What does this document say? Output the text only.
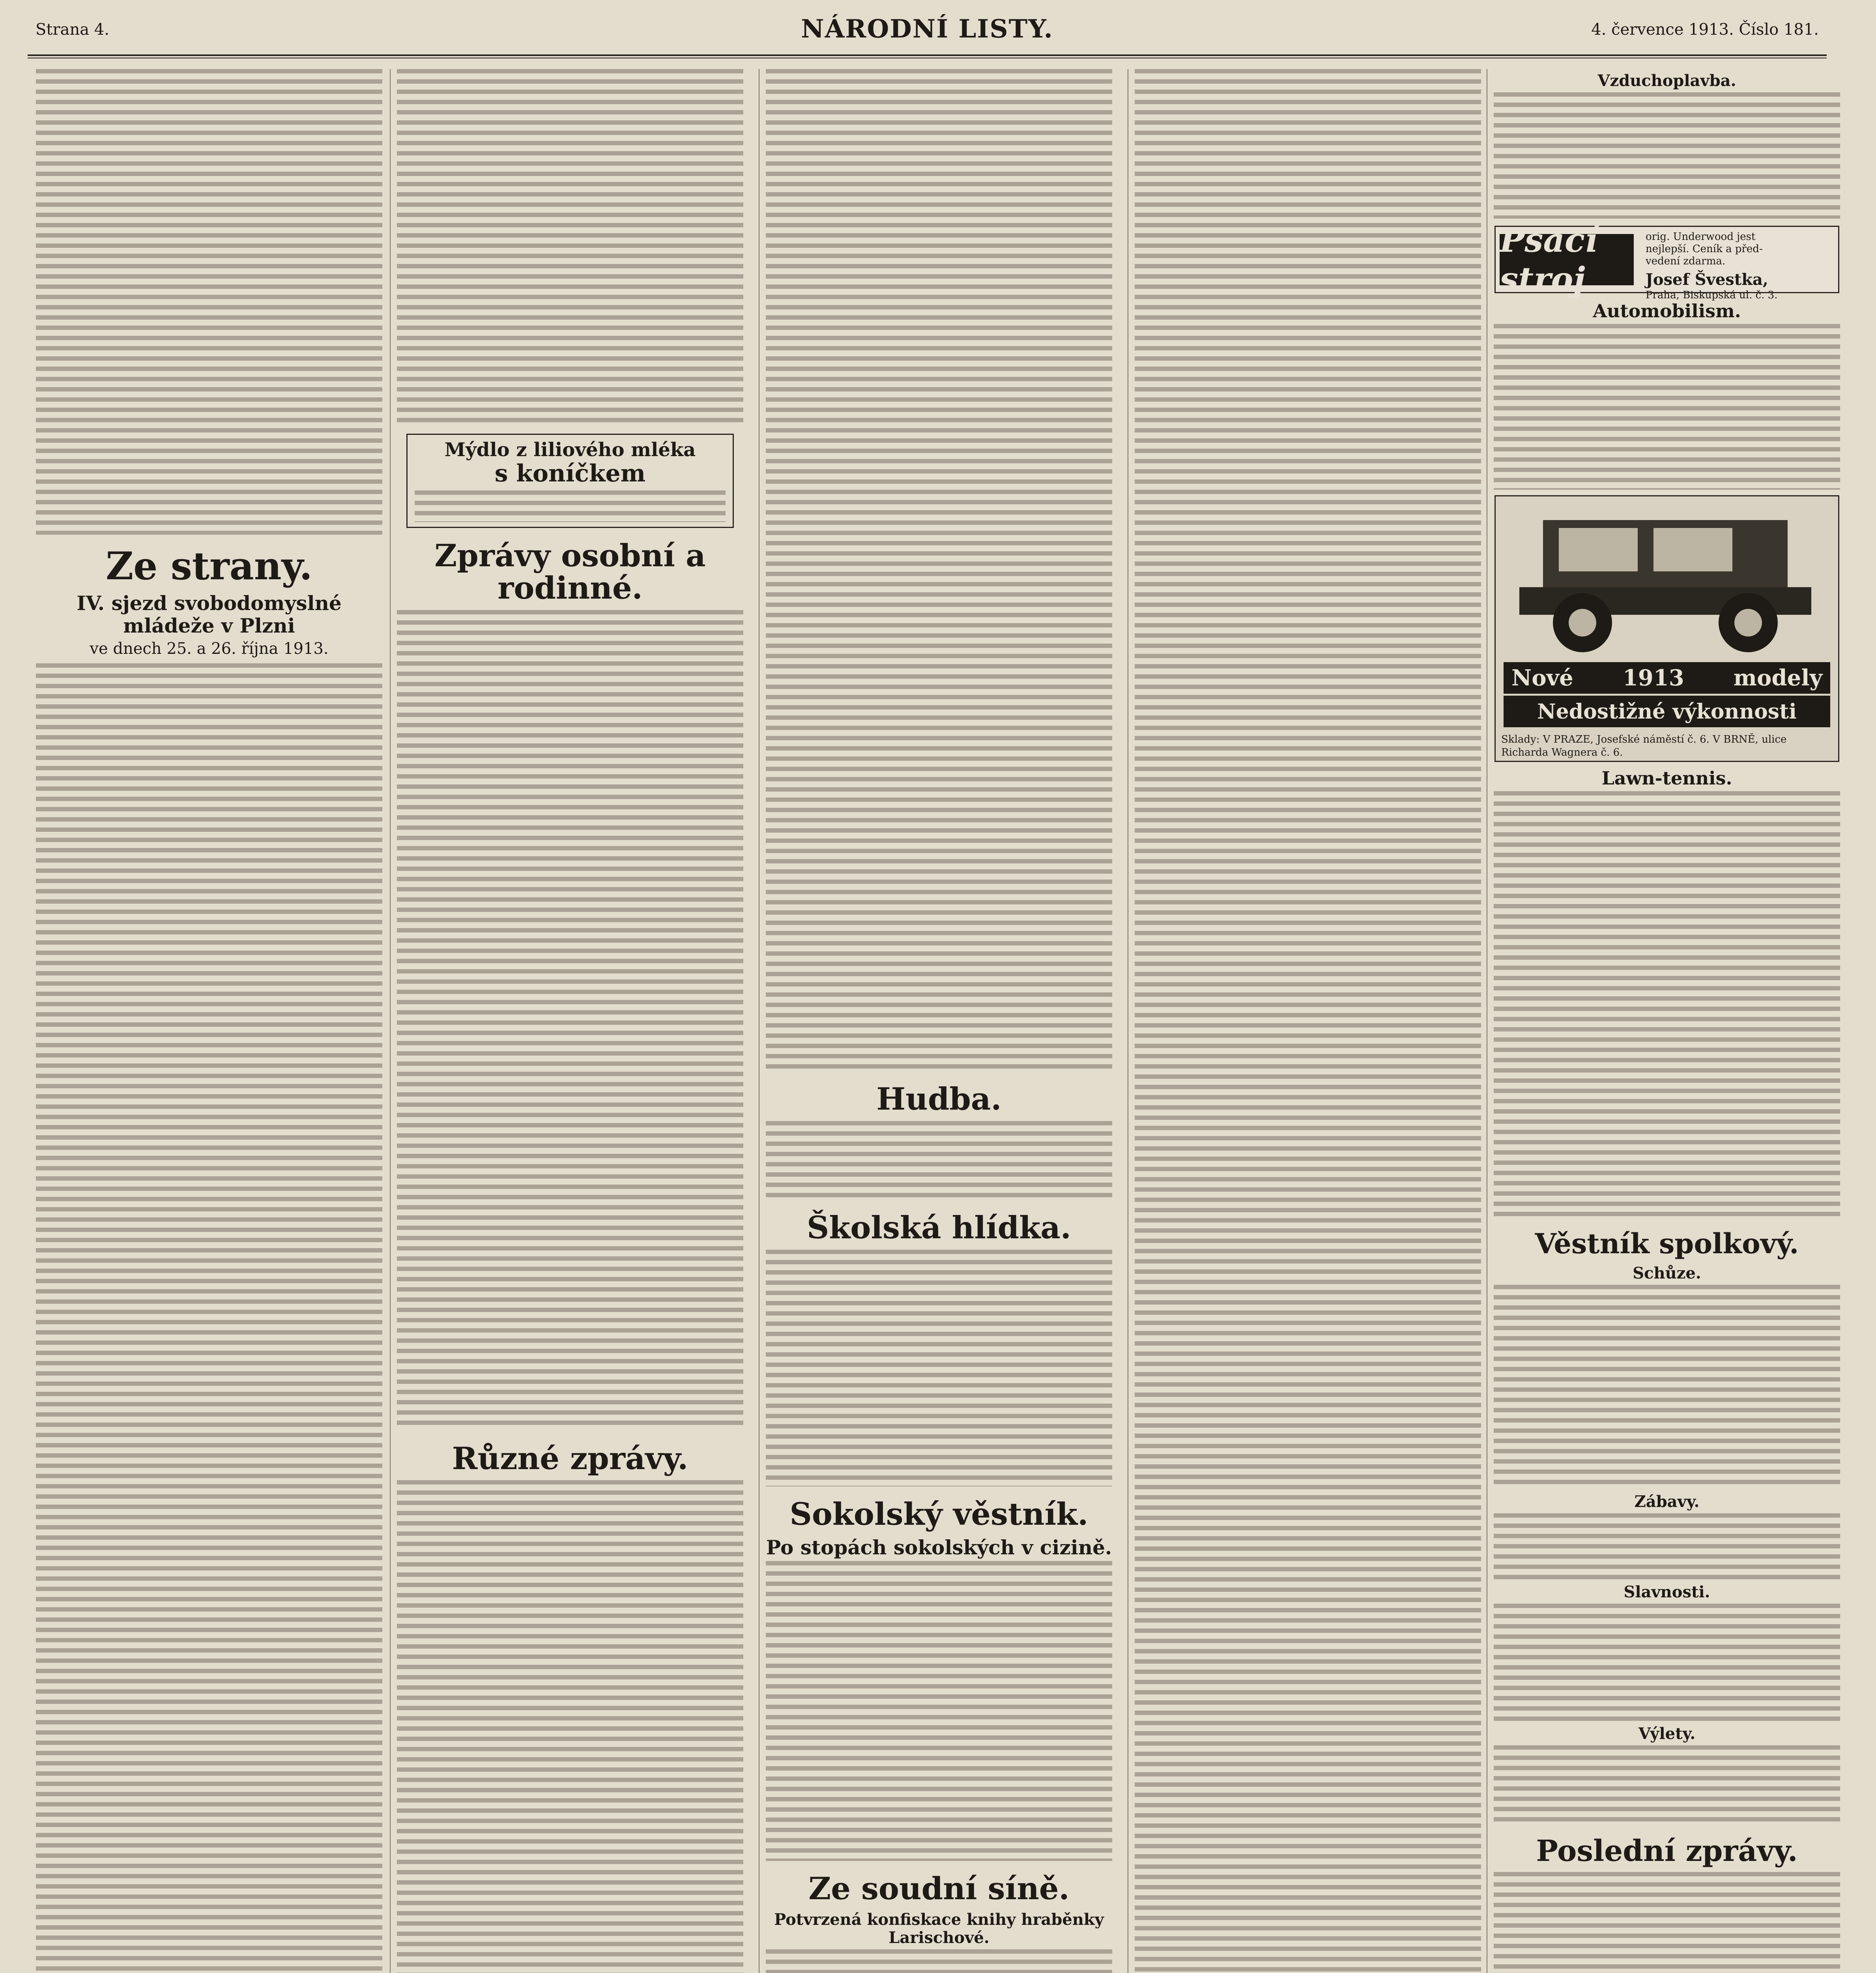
Strana 4.	NÁRODNÍ LISTY.	4. července 1913. Číslo 181.
Ze strany.
IV. sjezd svobodomyslné mládeže v Plzni
ve dnech 25. a 26. října 1913.
Mýdlo z liliového mléka
s koníčkem
Zprávy osobní a rodinné.
Různé zprávy.
Hudba.
Školská hlídka.
Sokolský věstník.
Po stopách sokolských v cizině.
Ze soudní síně.
Potvrzená konfiskace knihy hraběnky Larischové.
Vzduchoplavba.
Psací stroj
orig. Underwood jest
nejlepší. Ceník a před-
vedení zdarma.
Josef Švestka,
Praha, Biskupská ul. č. 3.
Automobilism.
Nové 1913 modely
Nedostižné výkonnosti
Sklady: V PRAZE, Josefské náměstí č. 6. V BRNĚ, ulice Richarda Wagnera č. 6.
Lawn-tennis.
Věstník spolkový.
Schůze.
Zábavy.
Slavnosti.
Výlety.
Poslední zprávy.
